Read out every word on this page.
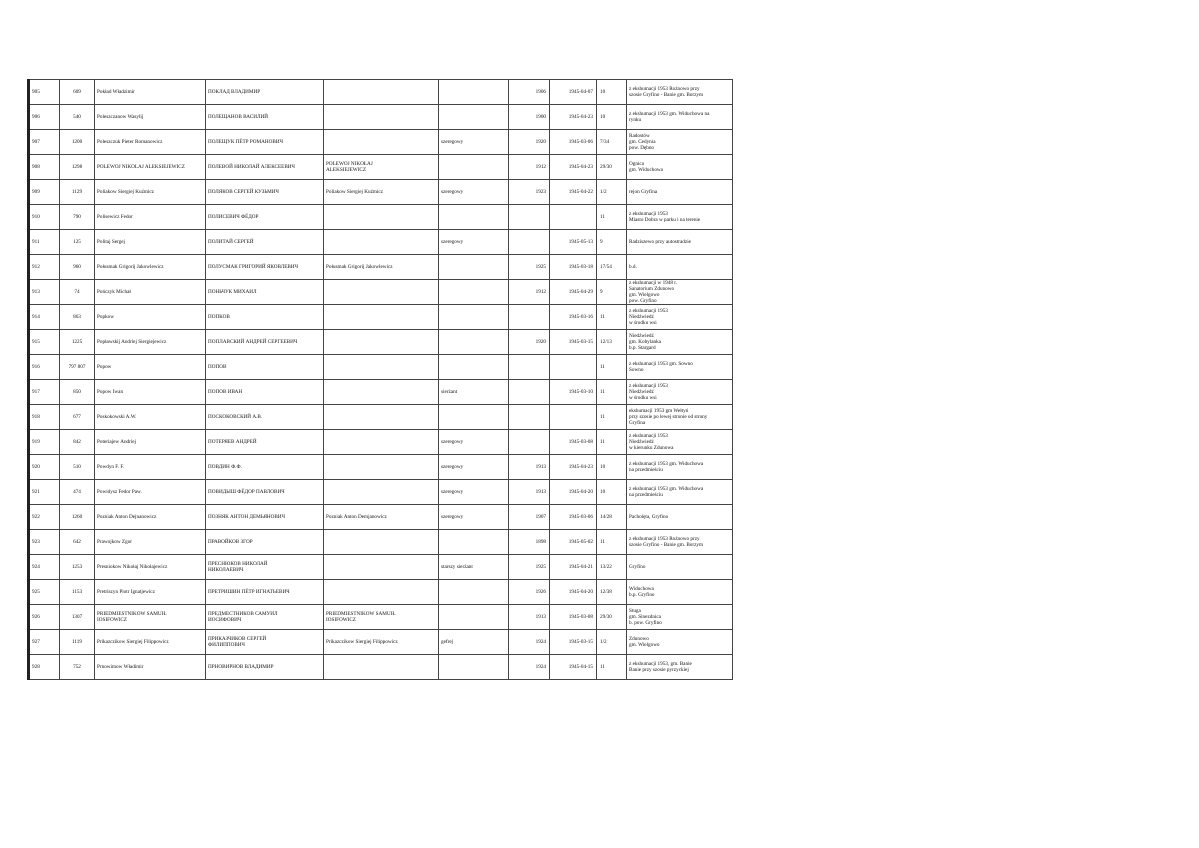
905	609	Pokład Władzimir	ПОКЛАД ВЛАДИМИР			1906	1945-04-07	10	z ekshumacji 1953 Rożnowo przy
szosie Gryfino - Banie gm. Borzym

906	540	Poleszczanow Wasylij	ПОЛЕЩАНОВ ВАСИЛИЙ			1900	1945-04-23	10	z ekshumacji 1953 gm. Widuchowa na
rynku

907	1200	Poleszczuk Pieter Romanowicz	ПОЛЕЩУК ПЁТР РОМАНОВИЧ		szeregowy	1920	1945-03-06	7/34	Radostów
gm. Cedynia
pow. Dębno

908	1298	POLEWOJ NIKOLAJ ALEKSIEJEWICZ	ПОЛЕВОЙ НИКОЛАЙ АЛЕКСЕЕВИЧ	POLEWOJ NIKOŁAJ
ALEKSIEJEWICZ		1912	1945-04-23	29/30	Ognica
gm. Widuchowa

909	1129	Poliakow Siergiej Kuźmicz	ПОЛЯКОВ СЕРГЕЙ КУЗЬМИЧ	Poliakow Siergiej Kuźmicz	szeregowy	1923	1945-04-22	1/2	rejon Gryfina

910	790	Polisewicz Fedor	ПОЛИСЕВИЧ ФЁДОР					11	z ekshumacji 1953
Miasto Dobra w parku i na terenie

911	125	Politaj Sergej	ПОЛИТАЙ СЕРГЕЙ		szeregowy		1945-05-13	9	Radziszewo przy autostradzie

912	960	Połusmak Grigorij Jakowlewicz	ПОЛУСМАК ГРИГОРИЙ ЯКОВЛЕВИЧ	Połusmak Grigorij Jakowlewicz		1925	1945-03-18	17/54	b.d.

913	74	Pończyk Michał	ПОНЬЧУК МИХАИЛ			1912	1945-04-29	9	z ekshumacji w 1948 r.
Sanatorium Zdunowo
gm. Wielgowo
pow. Gryfino

914	863	Popkow	ПОПКОВ				1945-03-16	11	z ekshumacji 1953
Niedźwiedź
w środku wsi

915	1225	Popławskij Andriej Siergiejewicz	ПОПЛАВСКИЙ АНДРЕЙ СЕРГЕЕВИЧ			1920	1945-03-15	12/13	Niedźwiedź
gm. Kobylanka
b.p. Stargard

916	797 807	Popow	ПОПОВ					11	z ekshumacji 1953 gm. Sowno
Sowno

917	850	Popow Iwan	ПОПОВ ИВАН		sierżant		1945-03-10	11	z ekshumacji 1953
Niedźwiedź
w środku wsi

918	677	Poskokowski A.W.	ПОСКОКОВСКИЙ А.В.					11	ekshumacji 1953 gm Wełtyń
przy szosie po lewej stronie od strony
Gryfina

919	842	Poteriajew Andriej	ПОТЕРЯЕВ АНДРЕЙ		szeregowy		1945-03-08	11	z ekshumacji 1953
Niedźwiedź
w kierunku Zdunowa

920	510	Powdyn F. F.	ПОВДИН Ф.Ф.		szeregowy	1913	1945-04-23	10	z ekshumacji 1953 gm. Widuchowa
na przedmieściu

921	474	Powidysz Fedor Paw.	ПОВИДЫШ ФЁДОР ПАВЛОВИЧ		szeregowy	1913	1945-04-20	10	z ekshumacji 1953 gm. Widuchowa
na przedmieściu

922	1260	Pozniak Anton Dejnanowicz	ПОЗНЯК АНТОН ДЕМЬЯНОВИЧ	Pozniak Anton Demjanowicz	szeregowy	1907	1945-03-06	14/28	Pacholęta, Gryfino

923	642	Prawojkow Zgor	ПРАВОЙКОВ ЗГОР			1898	1945-05-02	11	z ekshumacji 1953 Rożnowo przy
szosie Gryfino - Banie gm. Borzym

924	1253	Presniokow Nikołaj Nikołajewicz	ПРЕСНЮКОВ НИКОЛАЙ
НИКОЛАЕВИЧ		starszy sierżant	1925	1945-04-21	13/22	Gryfino

925	1153	Pretriszyn Piotr Ignatjewicz	ПРЕТРИШИН ПЁТР ИГНАТЬЕВИЧ			1926	1945-04-20	12/38	Widuchowa
b.p. Gryfino

926	1307	PRIEDMIESTNIKOW SAMUIŁ
IOSIFOWICZ	ПРЕДМЕСТНИКОВ САМУИЛ
ИОСИФОВИЧ	PRIEDMIESTNIKOW SAMUIŁ
IOSIFOWICZ		1913	1945-03-08	29/30	Stuga
gm. Sinezdnica
b. pow. Gryfino

927	1119	Prikazczikow Siergiej Filippowicz	ПРИКАЗЧИКОВ СЕРГЕЙ
ФИЛИППОВИЧ	Prikazczikow Siergiej Filippowicz	gefrej	1924	1945-03-15	1/2	Zdunowo
gm. Wielgowo

928	752	Prnowimow Władimir	ПРНОВИРНОВ ВЛАДИМИР			1924	1945-04-15	11	z ekshumacji 1953, gm. Banie
Banie przy szosie pyrzyckiej
